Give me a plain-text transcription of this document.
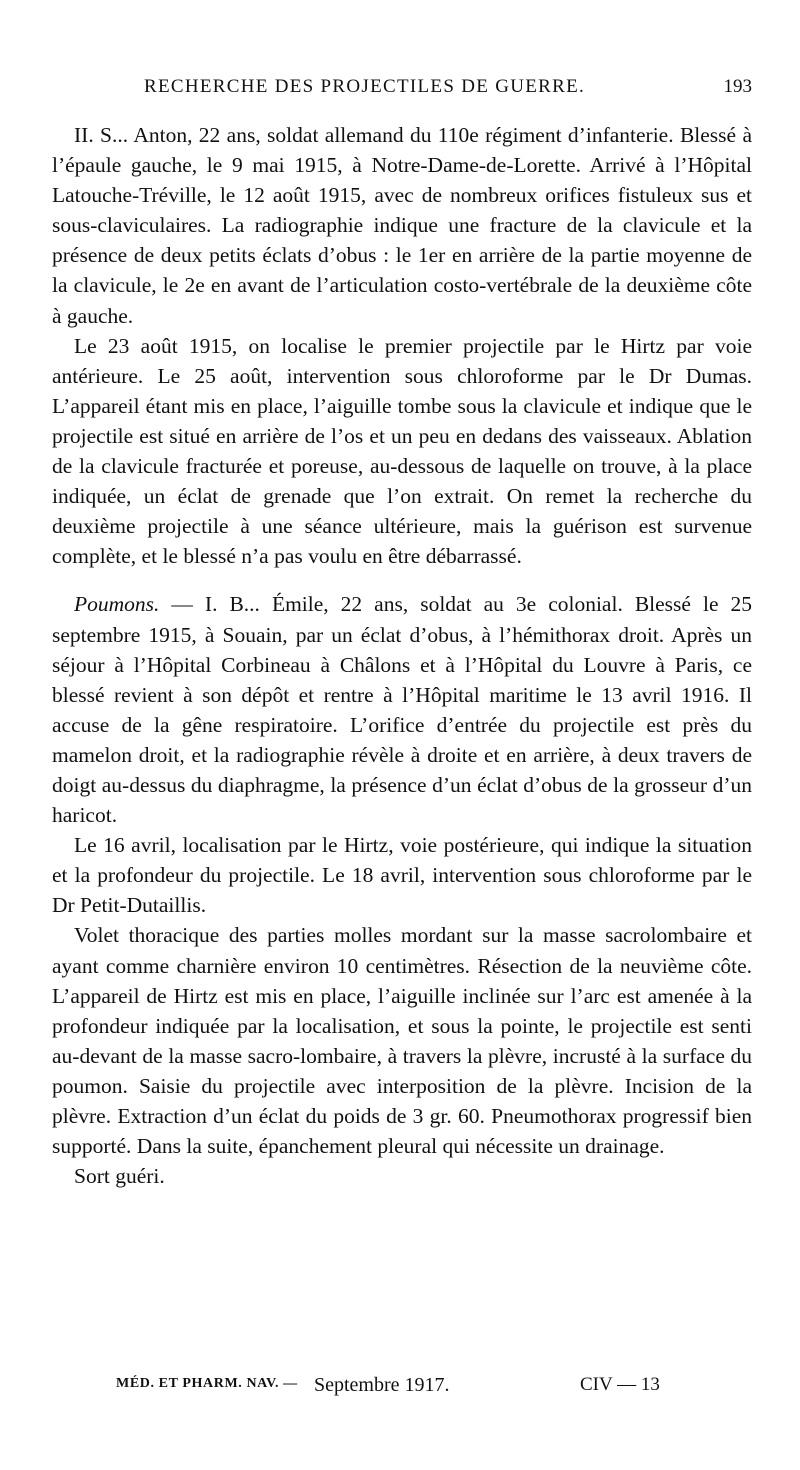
RECHERCHE DES PROJECTILES DE GUERRE.	193

II. S... Anton, 22 ans, soldat allemand du 110e régiment d’infanterie. Blessé à l’épaule gauche, le 9 mai 1915, à Notre-Dame-de-Lorette. Arrivé à l’Hôpital Latouche-Tréville, le 12 août 1915, avec de nombreux orifices fistuleux sus et sous-claviculaires. La radiographie indique une fracture de la clavicule et la présence de deux petits éclats d’obus : le 1er en arrière de la partie moyenne de la clavicule, le 2e en avant de l’articulation costo-vertébrale de la deuxième côte à gauche.

Le 23 août 1915, on localise le premier projectile par le Hirtz par voie antérieure. Le 25 août, intervention sous chloroforme par le Dr Dumas. L’appareil étant mis en place, l’aiguille tombe sous la clavicule et indique que le projectile est situé en arrière de l’os et un peu en dedans des vaisseaux. Ablation de la clavicule fracturée et poreuse, au-dessous de laquelle on trouve, à la place indiquée, un éclat de grenade que l’on extrait. On remet la recherche du deuxième projectile à une séance ultérieure, mais la guérison est survenue complète, et le blessé n’a pas voulu en être débarrassé.

Poumons. — I. B... Émile, 22 ans, soldat au 3e colonial. Blessé le 25 septembre 1915, à Souain, par un éclat d’obus, à l’hémithorax droit. Après un séjour à l’Hôpital Corbineau à Châlons et à l’Hôpital du Louvre à Paris, ce blessé revient à son dépôt et rentre à l’Hôpital maritime le 13 avril 1916. Il accuse de la gêne respiratoire. L’orifice d’entrée du projectile est près du mamelon droit, et la radiographie révèle à droite et en arrière, à deux travers de doigt au-dessus du diaphragme, la présence d’un éclat d’obus de la grosseur d’un haricot.

Le 16 avril, localisation par le Hirtz, voie postérieure, qui indique la situation et la profondeur du projectile. Le 18 avril, intervention sous chloroforme par le Dr Petit-Dutaillis.

Volet thoracique des parties molles mordant sur la masse sacrolombaire et ayant comme charnière environ 10 centimètres. Résection de la neuvième côte. L’appareil de Hirtz est mis en place, l’aiguille inclinée sur l’arc est amenée à la profondeur indiquée par la localisation, et sous la pointe, le projectile est senti au-devant de la masse sacro-lombaire, à travers la plèvre, incrusté à la surface du poumon. Saisie du projectile avec interposition de la plèvre. Incision de la plèvre. Extraction d’un éclat du poids de 3 gr. 60. Pneumothorax progressif bien supporté. Dans la suite, épanchement pleural qui nécessite un drainage.

Sort guéri.

MÉD. ET PHARM. NAV. — Septembre 1917.	CIV — 13
